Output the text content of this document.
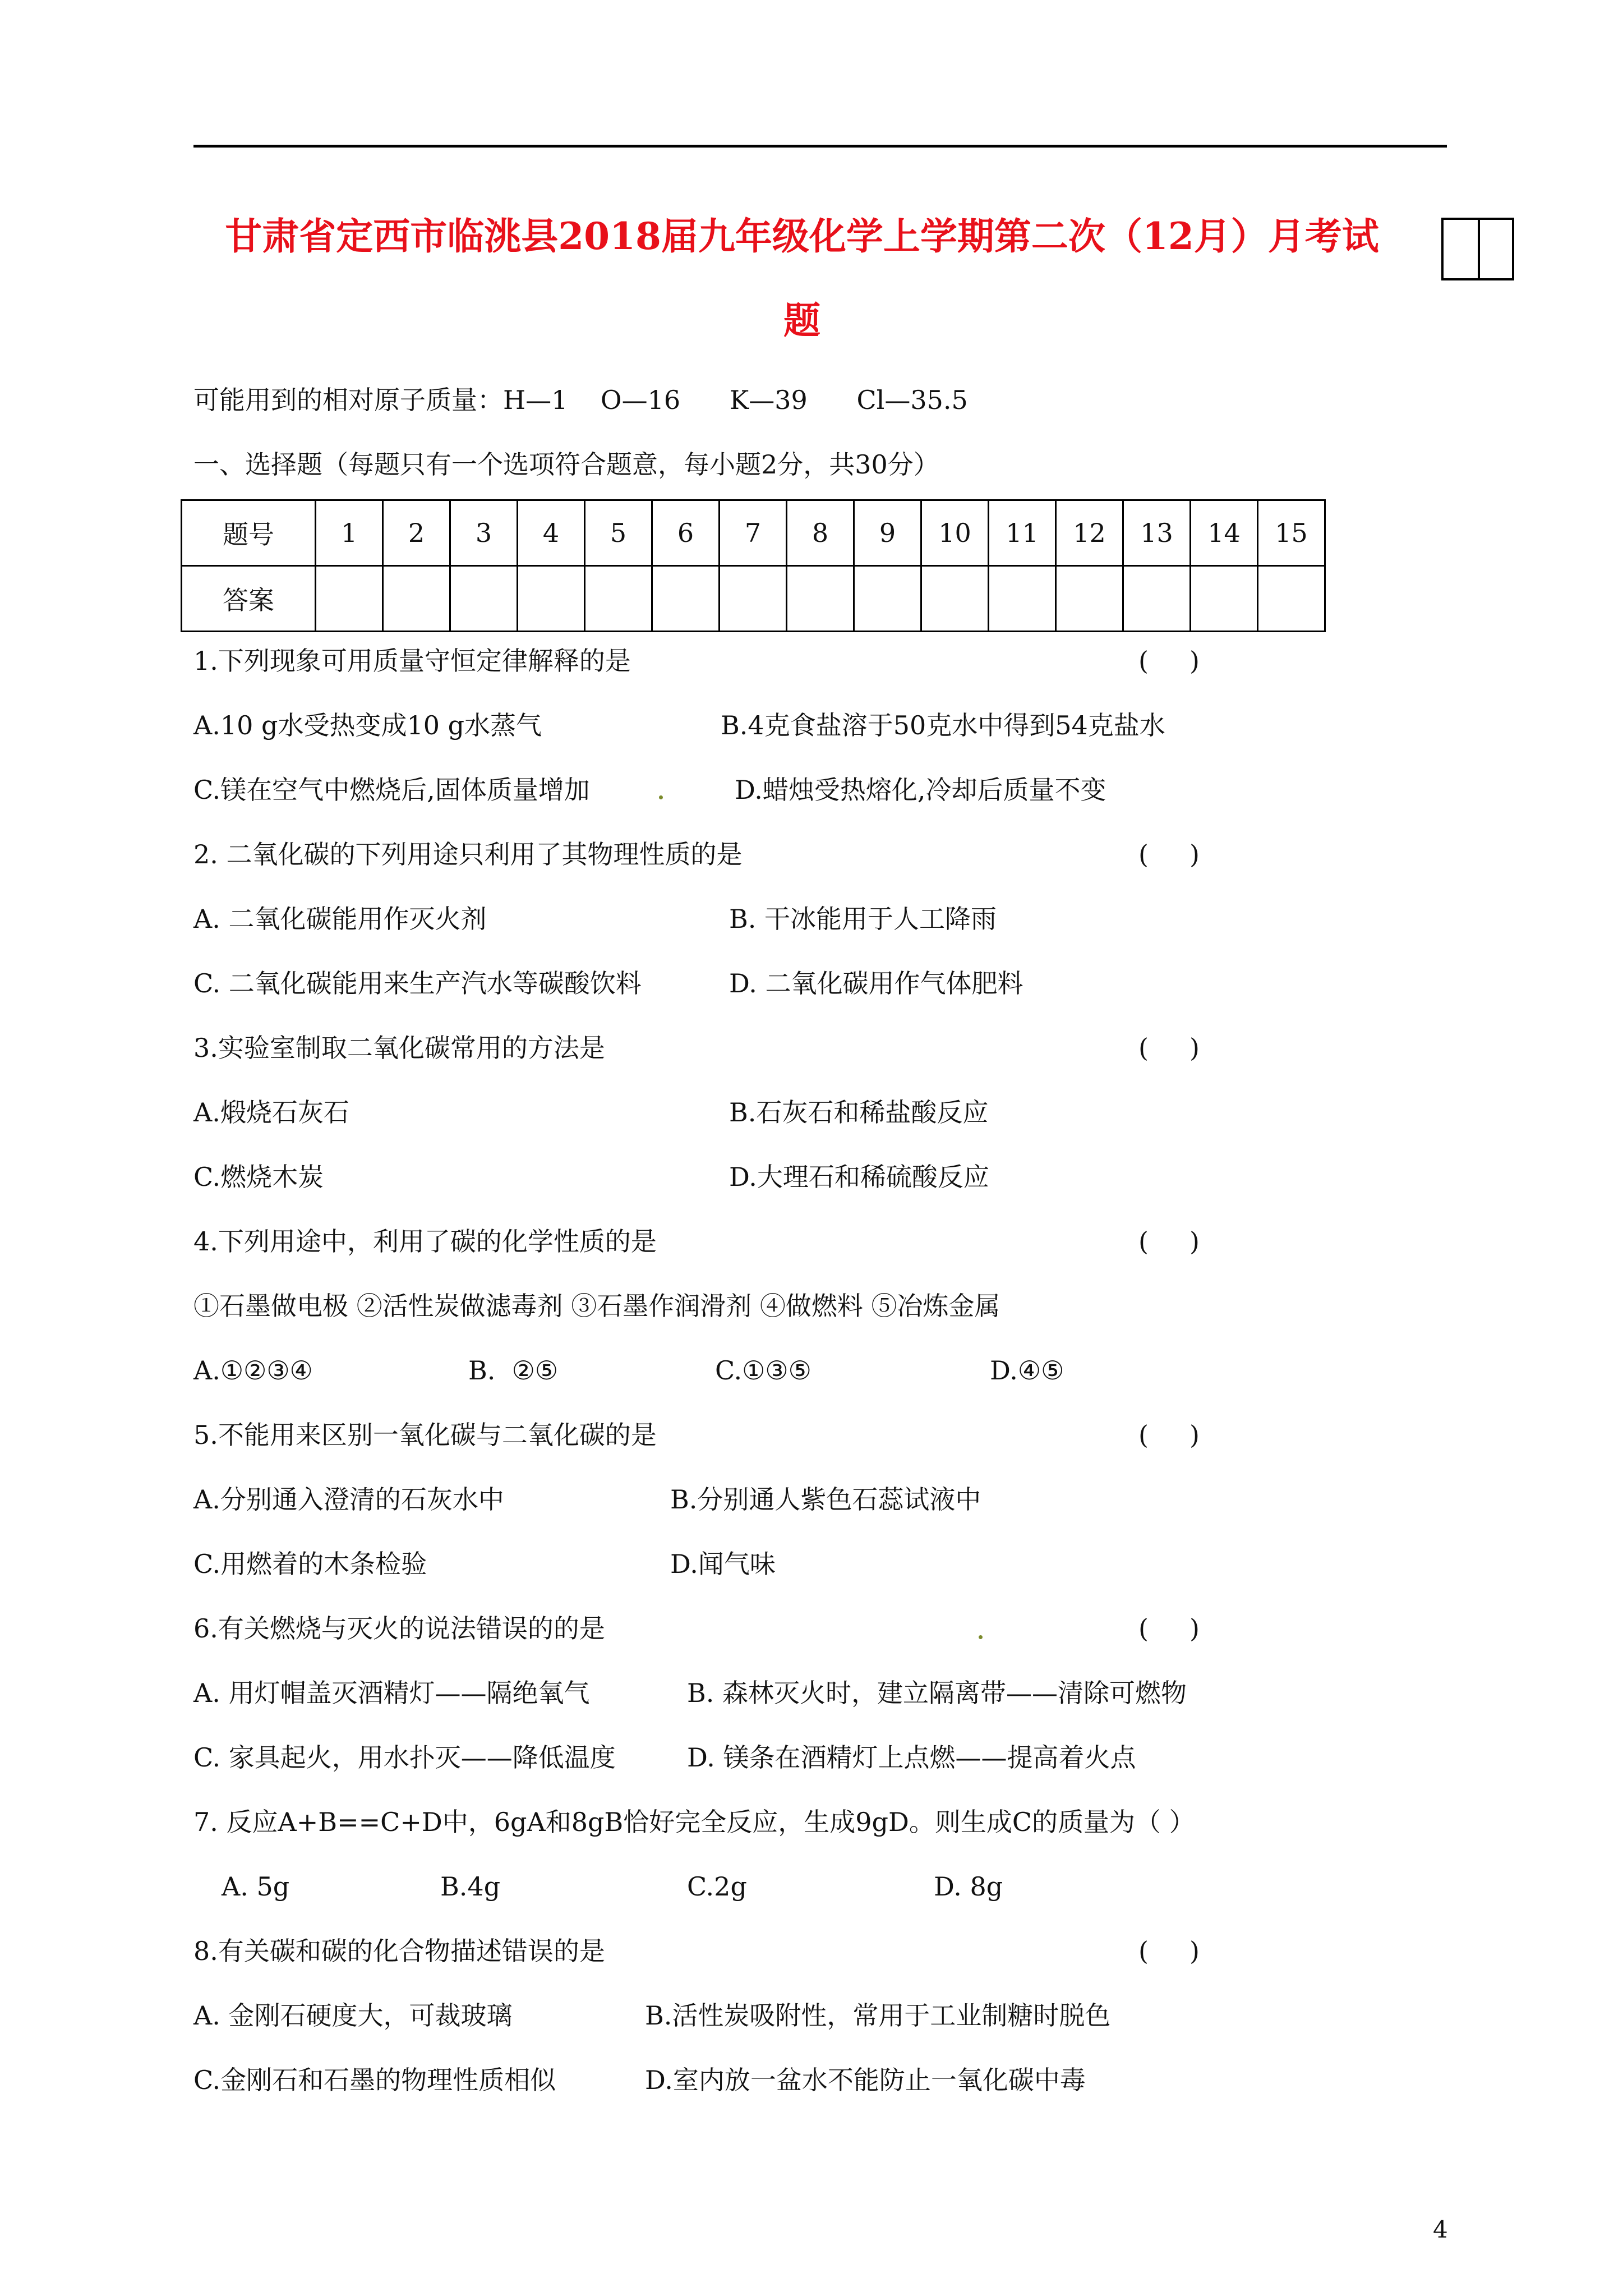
甘肃省定西市临洮县2018届九年级化学上学期第二次（12月）月考试
题
可能用到的相对原子质量：H—1    O—16      K—39      Cl—35.5
一、选择题（每题只有一个选项符合题意，每小题2分，共30分）
题号	1	2	3	4	5	6	7	8	9	10	11	12	13	14	15
答案															
1.下列现象可用质量守恒定律解释的是	(     )
A.10 g水受热变成10 g水蒸气	B.4克食盐溶于50克水中得到54克盐水
C.镁在空气中燃烧后,固体质量增加	D.蜡烛受热熔化,冷却后质量不变
2. 二氧化碳的下列用途只利用了其物理性质的是	(     )
A. 二氧化碳能用作灭火剂	B. 干冰能用于人工降雨
C. 二氧化碳能用来生产汽水等碳酸饮料	D. 二氧化碳用作气体肥料
3.实验室制取二氧化碳常用的方法是	(     )
A.煅烧石灰石	B.石灰石和稀盐酸反应
C.燃烧木炭	D.大理石和稀硫酸反应
4.下列用途中，利用了碳的化学性质的是	(     )
①石墨做电极 ②活性炭做滤毒剂 ③石墨作润滑剂 ④做燃料 ⑤冶炼金属
A.①②③④	B.  ②⑤	C.①③⑤	D.④⑤
5.不能用来区别一氧化碳与二氧化碳的是	(     )
A.分别通入澄清的石灰水中	B.分别通人紫色石蕊试液中
C.用燃着的木条检验	D.闻气味
6.有关燃烧与灭火的说法错误的的是	(     )
A. 用灯帽盖灭酒精灯——隔绝氧气	B. 森林灭火时，建立隔离带——清除可燃物
C. 家具起火，用水扑灭——降低温度	D. 镁条在酒精灯上点燃——提高着火点
7. 反应A+B==C+D中，6gA和8gB恰好完全反应，生成9gD。则生成C的质量为（ ）
A. 5g	B.4g	C.2g	D. 8g
8.有关碳和碳的化合物描述错误的是	(     )
A. 金刚石硬度大，可裁玻璃	B.活性炭吸附性，常用于工业制糖时脱色
C.金刚石和石墨的物理性质相似	D.室内放一盆水不能防止一氧化碳中毒
4
